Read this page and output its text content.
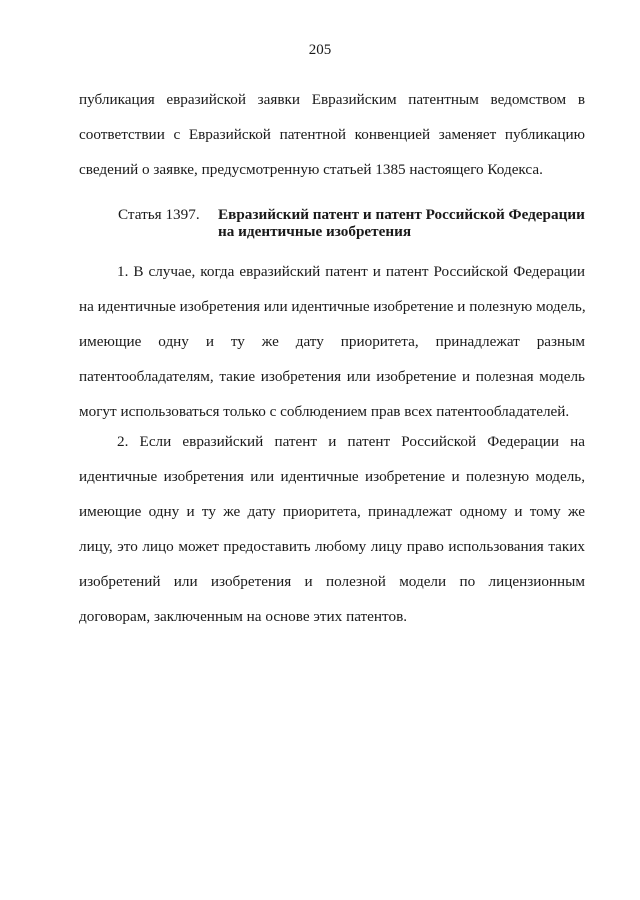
205
публикация евразийской заявки Евразийским патентным ведомством в
соответствии с Евразийской патентной конвенцией заменяет публикацию
сведений о заявке, предусмотренную статьей 1385 настоящего Кодекса.
Статья 1397. Евразийский патент и патент Российской Федерации
на идентичные изобретения
1. В случае, когда евразийский патент и патент Российской Федерации
на идентичные изобретения или идентичные изобретение и полезную модель,
имеющие одну и ту же дату приоритета, принадлежат разным
патентообладателям, такие изобретения или изобретение и полезная модель
могут использоваться только с соблюдением прав всех патентообладателей.
2. Если евразийский патент и патент Российской Федерации на
идентичные изобретения или идентичные изобретение и полезную модель,
имеющие одну и ту же дату приоритета, принадлежат одному и тому же
лицу, это лицо может предоставить любому лицу право использования таких
изобретений или изобретения и полезной модели по лицензионным
договорам, заключенным на основе этих патентов.
